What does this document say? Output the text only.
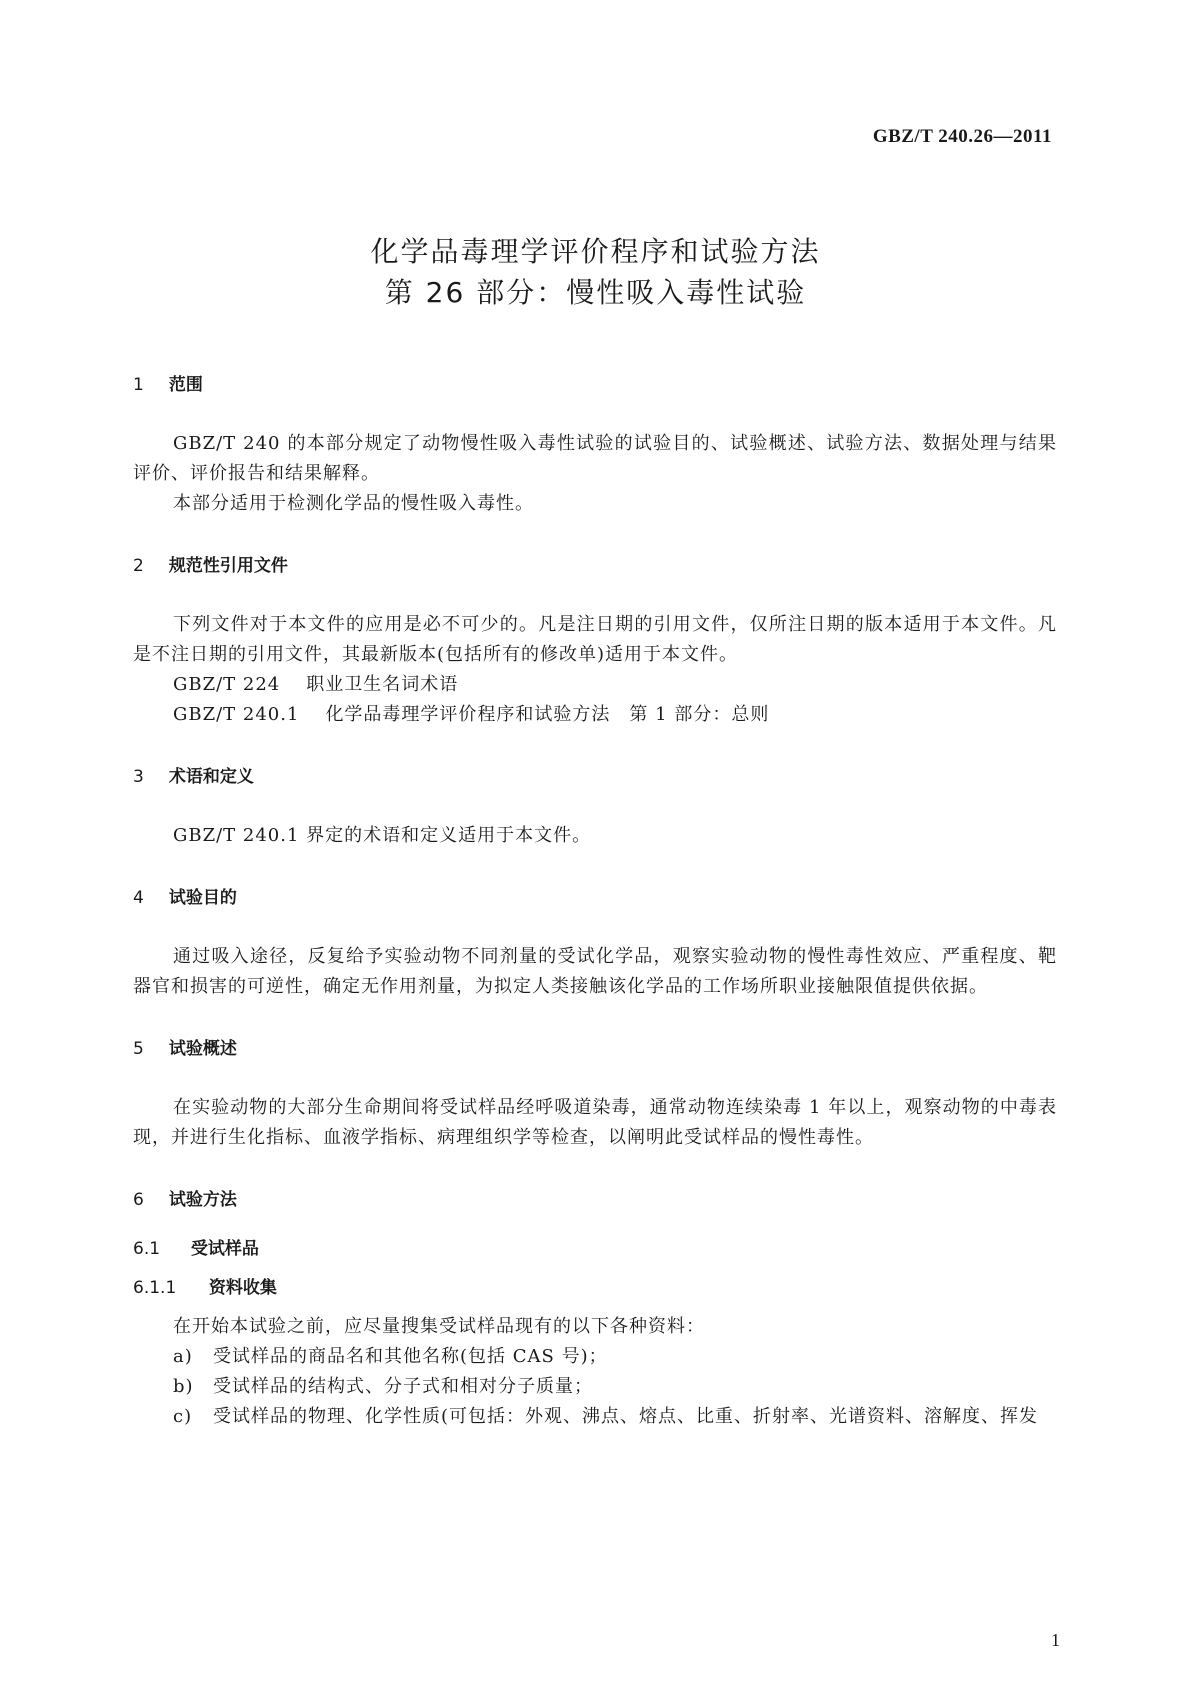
GBZ/T 240.26—2011
化学品毒理学评价程序和试验方法
第 26 部分：慢性吸入毒性试验
1 范围

GBZ/T 240 的本部分规定了动物慢性吸入毒性试验的试验目的、试验概述、试验方法、数据处理与结果评价、评价报告和结果解释。

本部分适用于检测化学品的慢性吸入毒性。

2 规范性引用文件

下列文件对于本文件的应用是必不可少的。凡是注日期的引用文件，仅所注日期的版本适用于本文件。凡是不注日期的引用文件，其最新版本(包括所有的修改单)适用于本文件。

GBZ/T 224 职业卫生名词术语
GBZ/T 240.1 化学品毒理学评价程序和试验方法　第 1 部分：总则
3 术语和定义

GBZ/T 240.1 界定的术语和定义适用于本文件。

4 试验目的

通过吸入途径，反复给予实验动物不同剂量的受试化学品，观察实验动物的慢性毒性效应、严重程度、靶器官和损害的可逆性，确定无作用剂量，为拟定人类接触该化学品的工作场所职业接触限值提供依据。

5 试验概述

在实验动物的大部分生命期间将受试样品经呼吸道染毒，通常动物连续染毒 1 年以上，观察动物的中毒表现，并进行生化指标、血液学指标、病理组织学等检查，以阐明此受试样品的慢性毒性。

6 试验方法
6.1 受试样品
6.1.1 资料收集

在开始本试验之前，应尽量搜集受试样品现有的以下各种资料：

a) 受试样品的商品名和其他名称(包括 CAS 号)；
b) 受试样品的结构式、分子式和相对分子质量；
c) 受试样品的物理、化学性质(可包括：外观、沸点、熔点、比重、折射率、光谱资料、溶解度、挥发
1
